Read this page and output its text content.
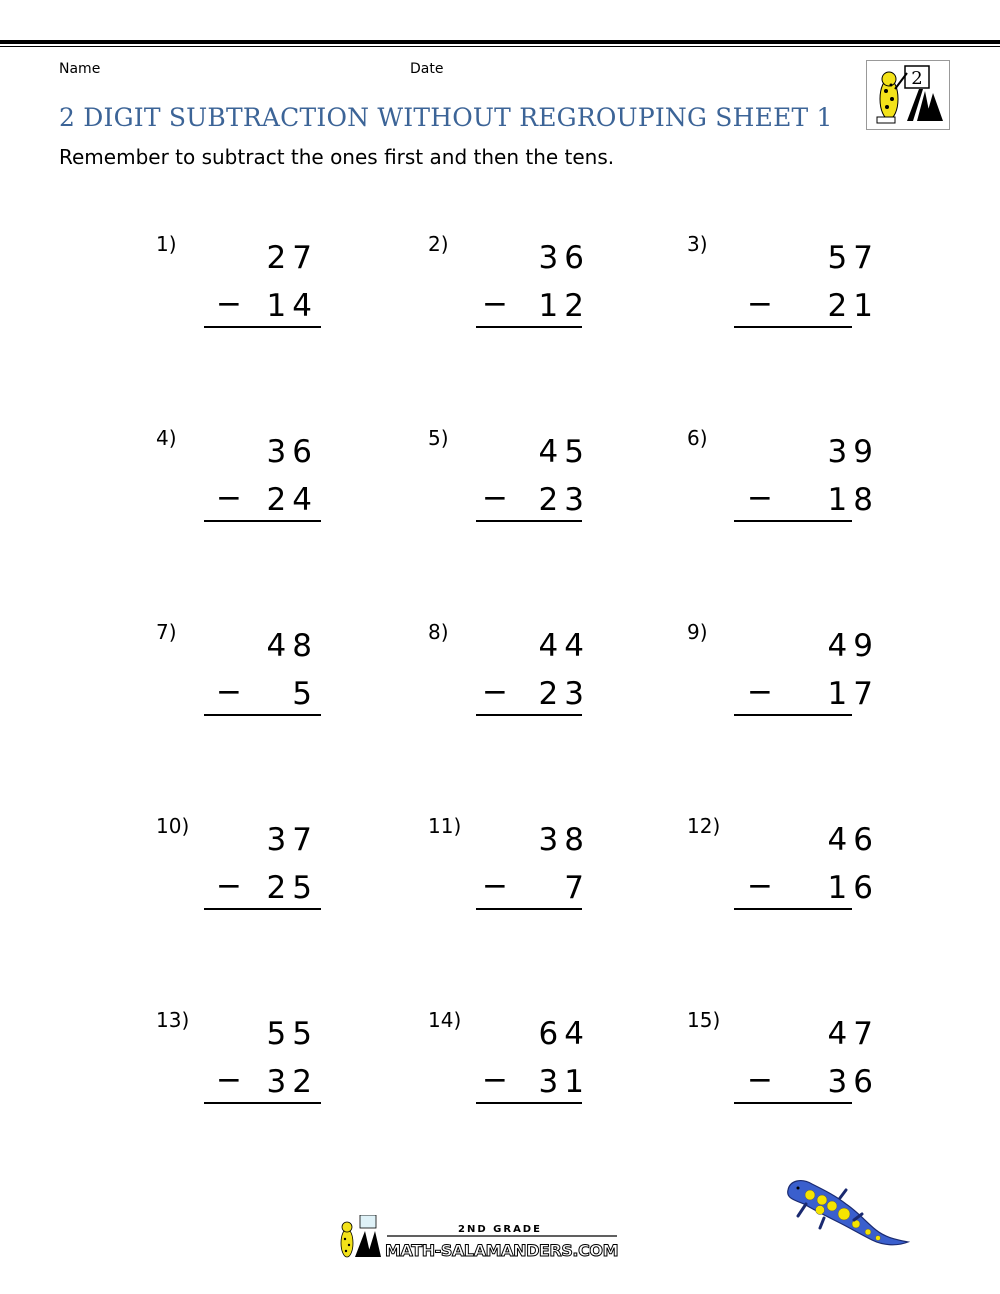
Name	Date	2
2 DIGIT SUBTRACTION WITHOUT REGROUPING SHEET 1
Remember to subtract the ones first and then the tens.
1)	27
− 14
2)	36
− 12
3)	57
− 21
4)	36
− 24
5)	45
− 23
6)	39
− 18
7)	48
− 5
8)	44
− 23
9)	49
− 17
10) 37
− 25
11) 38
− 7
12)	46
− 16
13) 55
− 32
14) 64
− 31
15)	47
− 36
2ND GRADE
MATH-SALAMANDERS.COM
